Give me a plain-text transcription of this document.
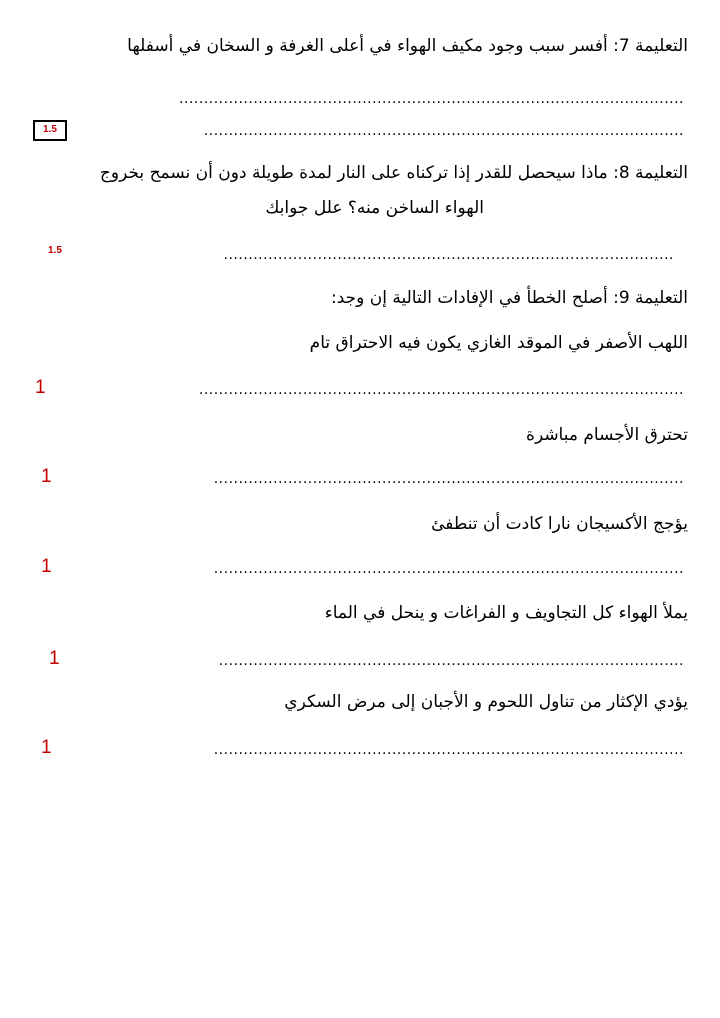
التعليمة 7: أفسر سبب وجود مكيف الهواء في أعلى الغرفة و السخان في أسفلها
......................................................................................................
1.5	.................................................................................................
التعليمة 8: ماذا سيحصل للقدر إذا تركناه على النار لمدة طويلة دون أن نسمح بخروج
الهواء الساخن منه؟ علل جوابك
1.5	...........................................................................................
التعليمة 9: أصلح الخطأ في الإفادات التالية إن وجد:
اللهب الأصفر في الموقد الغازي يكون فيه الاحتراق تام
1	..................................................................................................
تحترق الأجسام مباشرة
1	...............................................................................................
يؤجج الأكسيجان نارا كادت أن تنطفئ
1	...............................................................................................
يملأ الهواء كل التجاويف و الفراغات و ينحل في الماء
1	..............................................................................................
يؤدي الإكثار من تناول اللحوم و الأجبان إلى مرض السكري
1	...............................................................................................
